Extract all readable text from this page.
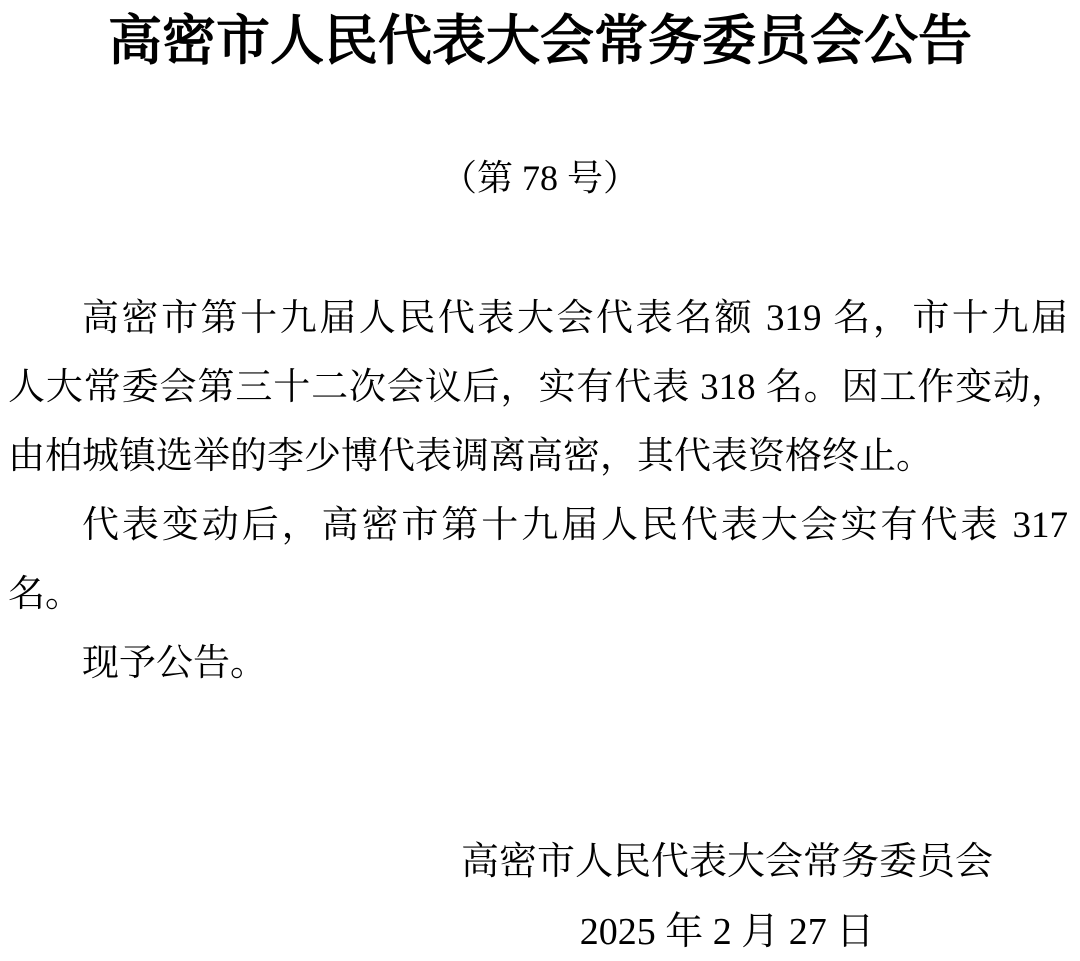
高密市人民代表大会常务委员会公告
（第 78 号）
高密市第十九届人民代表大会代表名额 319 名，市十九届
人大常委会第三十二次会议后，实有代表 318 名。因工作变动，
由柏城镇选举的李少博代表调离高密，其代表资格终止。
代表变动后，高密市第十九届人民代表大会实有代表 317
名。
现予公告。
高密市人民代表大会常务委员会
2025 年 2 月 27 日
